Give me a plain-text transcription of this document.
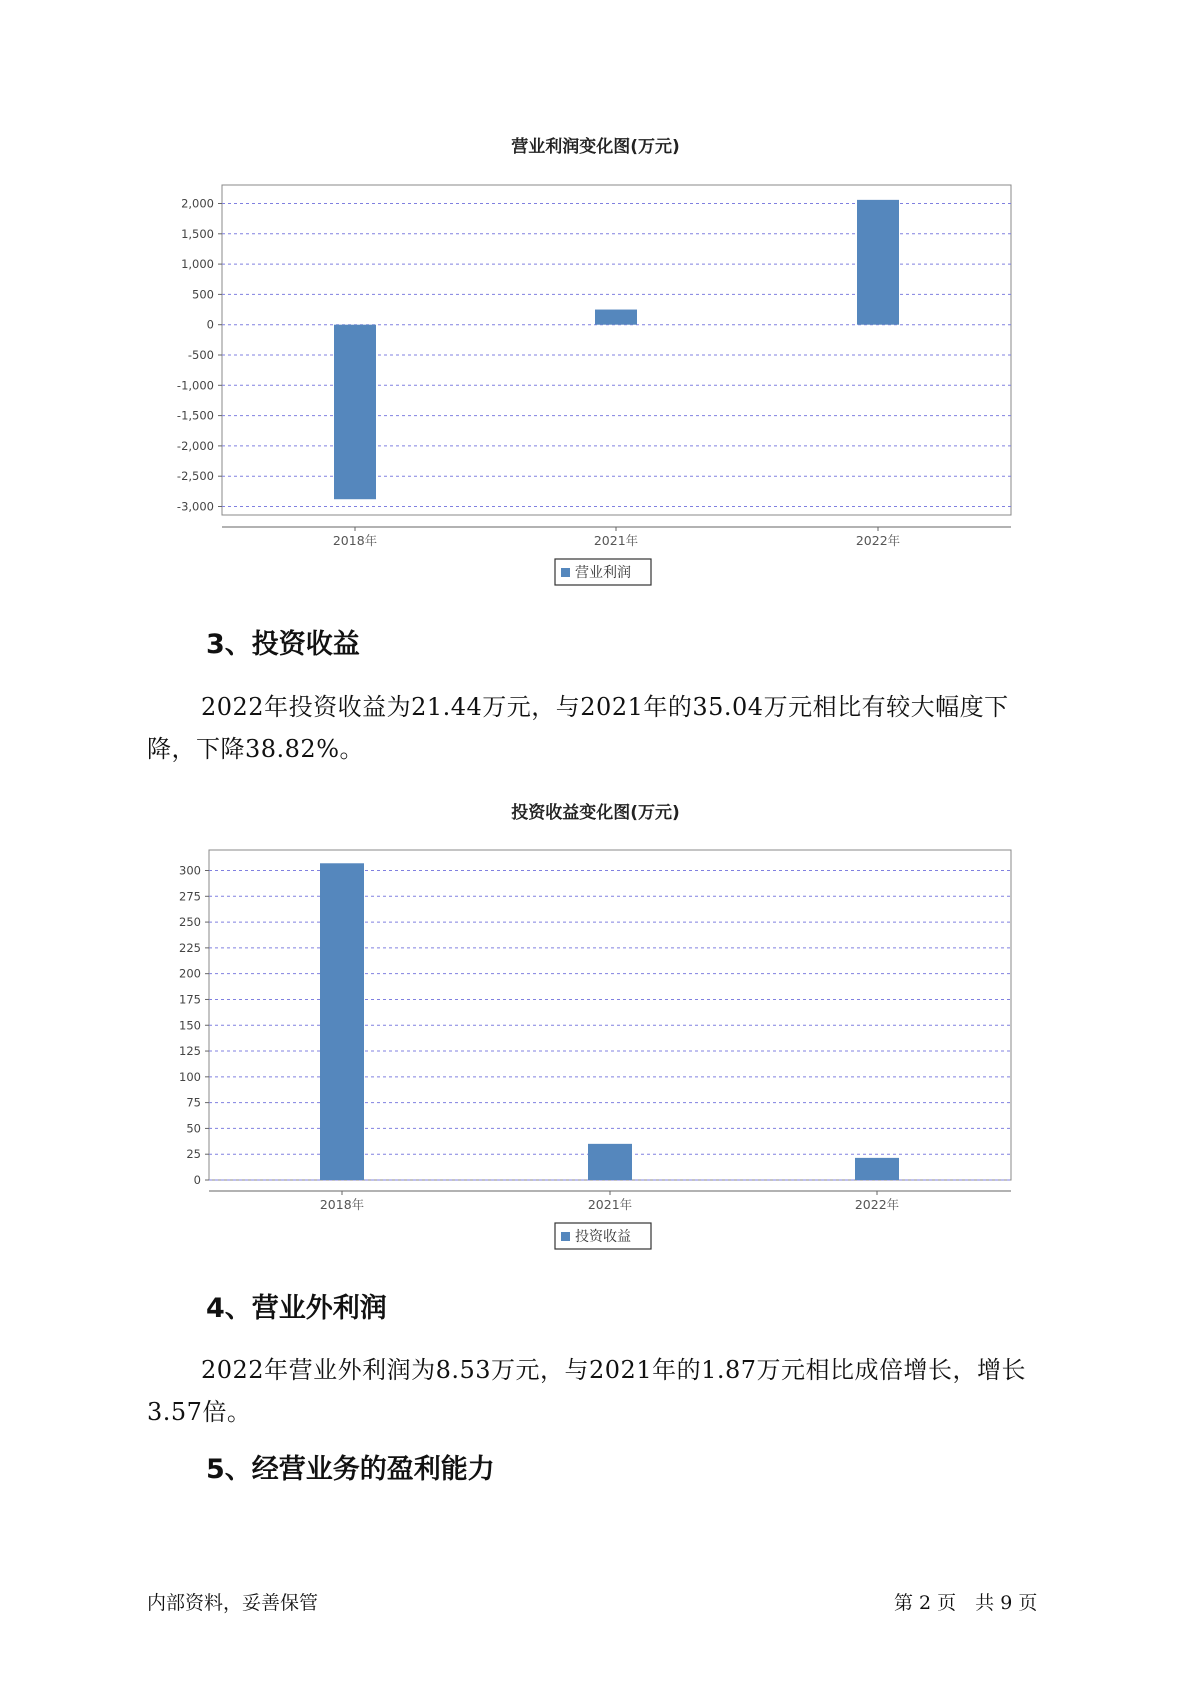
营业利润变化图(万元)
2,000
1,500
1,000
500
0
-500
-1,000
-1,500
-2,000
-2,500
-3,000
2018年	2021年	2022年
营业利润
3、投资收益

2022年投资收益为21.44万元，与2021年的35.04万元相比有较大幅度下降，下降38.82%。

投资收益变化图(万元)
300
275
250
225
200
175
150
125
100
75
50
25
0
2018年	2021年	2022年
投资收益
4、营业外利润

2022年营业外利润为8.53万元，与2021年的1.87万元相比成倍增长，增长3.57倍。

5、经营业务的盈利能力
内部资料，妥善保管	第 2 页　共 9 页
